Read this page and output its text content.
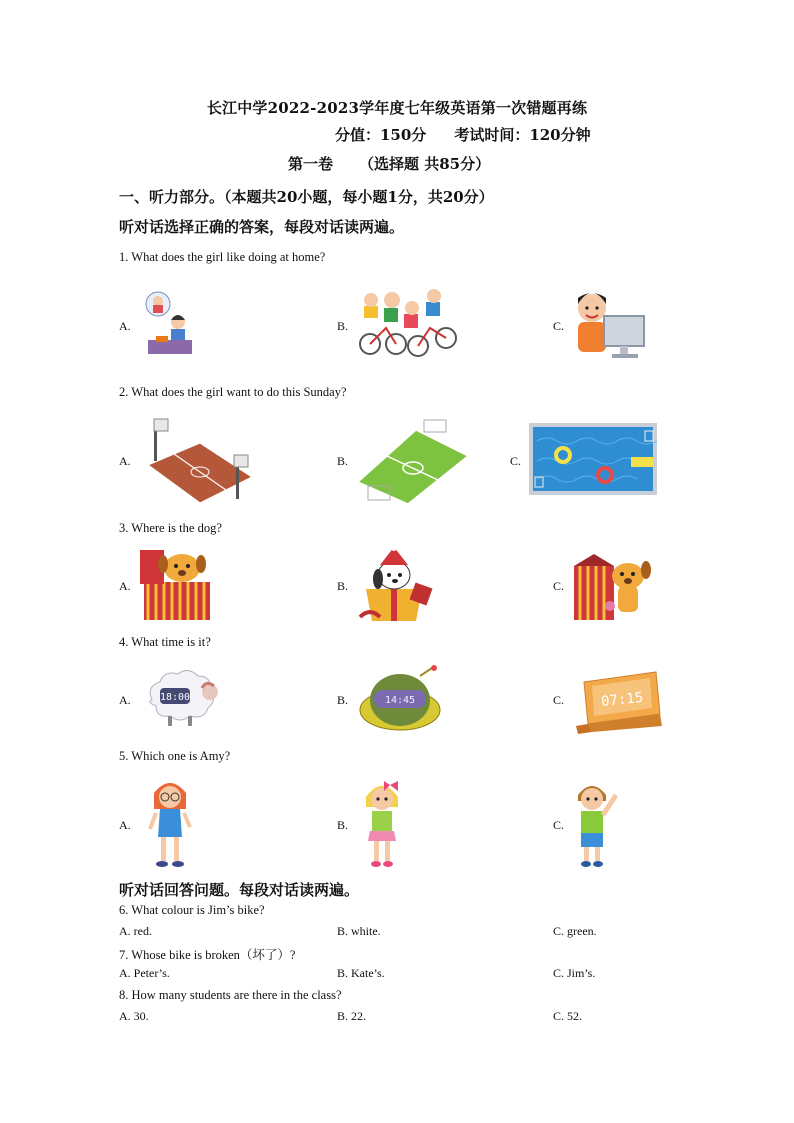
长江中学2022-2023学年度七年级英语第一次错题再练
分值：150分 考试时间：120分钟
第一卷 （选择题 共85分）
一、听力部分。（本题共20小题，每小题1分，共20分）
听对话选择正确的答案，每段对话读两遍。
1. What does the girl like doing at home?
A.	B.	C.
2. What does the girl want to do this Sunday?
A.	B.	C.
3. Where is the dog?
A.	B.	C.
4. What time is it?
A.	B.	C.
18:00	14:45	07:15
5. Which one is Amy?
A.	B.	C.
听对话回答问题。每段对话读两遍。
6. What colour is Jim’s bike?
A. red.	B. white.	C. green.
7. Whose bike is broken（坏了）?
A. Peter’s.	B. Kate’s.	C. Jim’s.
8. How many students are there in the class?
A. 30.	B. 22.	C. 52.
